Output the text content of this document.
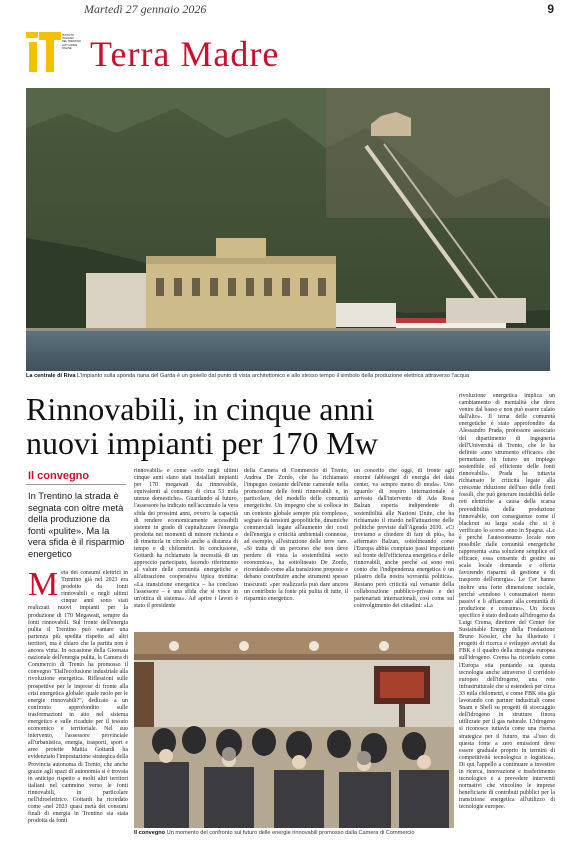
Martedì 27 gennaio 2026	9
ISTITUTO
ITALIANO
DEL TRENTINO
ALTO ADIGE
ONLINE Terra Madre
La centrale di Riva L'impianto sulla sponda riana del Garda è un gioiello dal punto di vista architettonico e allo stesso tempo il simbolo della produzione elettrica attraverso l'acqua
Rinnovabili, in cinque anni nuovi impianti per 170 Mw
Il convegno
In Trentino la strada è segnata con oltre metà della produzione da fonti «pulite». Ma la vera sfida è il risparmio energetico
Metà dei consumi elettrici in Trentino già nel 2023 era prodotto da fonti rinnovabili e negli ultimi cinque anni sono stati realizzati nuovi impianti per la produzione di 170 Megawatt, sempre da fonti rinnovabili. Sul fronte dell'energia pulita il Trentino può vantare una partenza più spedita rispetto ad altri territori, ma è chiaro che la partita non è ancora vinta. In occasione della Giornata nazionale dell'energia pulita, la Camera di Commercio di Trento ha promosso il convegno "Dall'ecofusione industriale alla rivoluzione energetica. Riflessioni sulle prospettive per le imprese di fronte alla crisi energetica globale: quale ruolo per le energie rinnovabili?", dedicato a un confronto approfondito sulle trasformazioni in atto nel sistema energetico e sulle ricadute per il tessuto economico e territoriale. Nel suo intervento, l'assessore provinciale all'urbanistica, energia, trasporti, sport e aree protette Mattia Gottardi ha evidenziato l'impostazione strategica della Provincia autonoma di Trento, che anche grazie agli spazi di autonomia si è trovata in anticipo rispetto a molti altri territori italiani nel cammino verso le fonti rinnovabili, in particolare nell'idroelettrico. Gottardi ha ricordato come «nel 2023 quasi metà dei consumi finali di energia in Trentino sia stata prodotta da fonti
rinnovabili» e come «solo negli ultimi cinque anni siano stati installati impianti per 170 megawatt da rinnovabile, equivalenti al consumo di circa 53 mila utenze domestiche». Guardando al futuro, l'assessore ha indicato nell'accumulo la vera sfida dei prossimi anni, ovvero la capacità di rendere economicamente accessibili sistemi in grado di capitalizzare l'energia prodotta nei momenti di minore richiesta e di rimetterla in circolo anche a distanza di tempo e di chilometri. In conclusione, Gottardi ha richiamato la necessità di un approccio partecipato, facendo riferimento al valore delle comunità energetiche e all'attuazione cooperativa tipica trentina: «La transizione energetica – ha concluso l'assessore – è una sfida che si vince in un'ottica di sistema». Ad aprire i lavori è stato il presidente
della Camera di Commercio di Trento, Andrea De Zordo, che ha richiamato l'impegno costante dell'ente camerale nella promozione delle fonti rinnovabili e, in particolare, del modello delle comunità energetiche. Un impegno che si colloca in un contesto globale sempre più complesso, segnato da tensioni geopolitiche, dinamiche commerciali legate all'aumento dei costi dell'energia e criticità ambientali connesse, ad esempio, all'estrazione delle terre rare. «Si tratta di un percorso che non deve perdere di vista la sostenibilità socio economica», ha sottolineato De Zordo, ricordando come alla transizione proposte e debano contribuire anche strumenti spesso trascurati: «per realizzarla può dare ancora un contributo la fonte più pulita di tutte, il risparmio energetico.
un concetto che oggi, di fronte agli enormi fabbisogni di energia dei data center, va sempre meno di moda». Uno sguardo di respiro internazionale è arrivato dall'intervento di Ada Rosa Balzan esperta indipendente di sostenibilità alle Nazioni Unite, che ha richiamato il ritardo nell'attuazione delle politiche previste dall'Agenda 2030. «Ci troviamo a chiedere di fare di più», ha affermato Balzan, sottolineando come l'Europa abbia compiuto passi importanti sul fronte dell'efficienza energetica e delle rinnovabili, anche perché «si sono resi conto che l'indipendenza energetica è un pilastro della nostra sovranità politica». Restano però criticità sul versante della collaborazione pubblico-privato e dei partenariati internazionali, così come sul coinvolgimento dei cittadini: «La
rivoluzione energetica implica un cambiamento di mentalità che deve venire dal basso e non può essere calato dall'alto». Il tema delle comunità energetiche è stato approfondito da Alessandro Prada, professore associato del dipartimento di ingegneria dell'Università di Trento, che le ha definite «uno strumento efficace» che permettano in futuro un impiego sostenibile ed efficiente delle fonti rinnovabili». Prada ha tuttavia richiamato le criticità legate alla crescente riduzione dell'uso delle fonti fossili, che può generare instabilità delle reti elettriche a causa della scarsa prevedibilità della produzione rinnovabile, con conseguenze come il blackout su larga scala che si è verificato lo scorso anno in Spagna. «Le è perché l'autoconsumo locale non possibile: dalle comunità energetiche rappresenta «una soluzione semplice ed efficace, essa consente di gestire su scala locale domanda e offerta favorendo risparmi di gestione e di trasporto dell'energia». Le Cer hanno inoltre una forte dimensione sociale, perché «rendono i consumatori meno passivi e li affiancano alla comunità di produzione e consumo». Un focus specifico è stato dedicato all'idrogeno da Luigi Crema, direttore del Center for Sustainable Energy della Fondazione Bruno Kessler, che ha illustrato i progetti di ricerca e sviluppo avviati da FBK e il quadro della strategia europea sull'idrogeno. Crema ha ricordato come l'Europa stia puntando su questa tecnologia anche attraverso il corridoio europeo dell'idrogeno, una rete infrastrutturale che si estenderà per circa 33 mila chilometri, e come FBK stia già lavorando con partner industriali come Snam e Shell su progetti di stoccaggio dell'idrogeno in strutture finora utilizzate per il gas naturale. L'idrogeno si riconosce tuttavia come una risorsa strategica per il futuro, ma «l'uso di questa fonte a zero emissioni deve essere graduale proprio in termini di competitività tecnologica e logistica». Di qui l'appello a continuare a investire in ricerca, innovazione e trasferimento tecnologico e a prevedere interventi normativi che vincolino le imprese beneficiarie di contributi pubblici per la transizione energetica all'utilizzo di tecnologie europee.
Il convegno Un momento del confronto sul futuro delle energie rinnovabili promosso dalla Camera di Commercio
